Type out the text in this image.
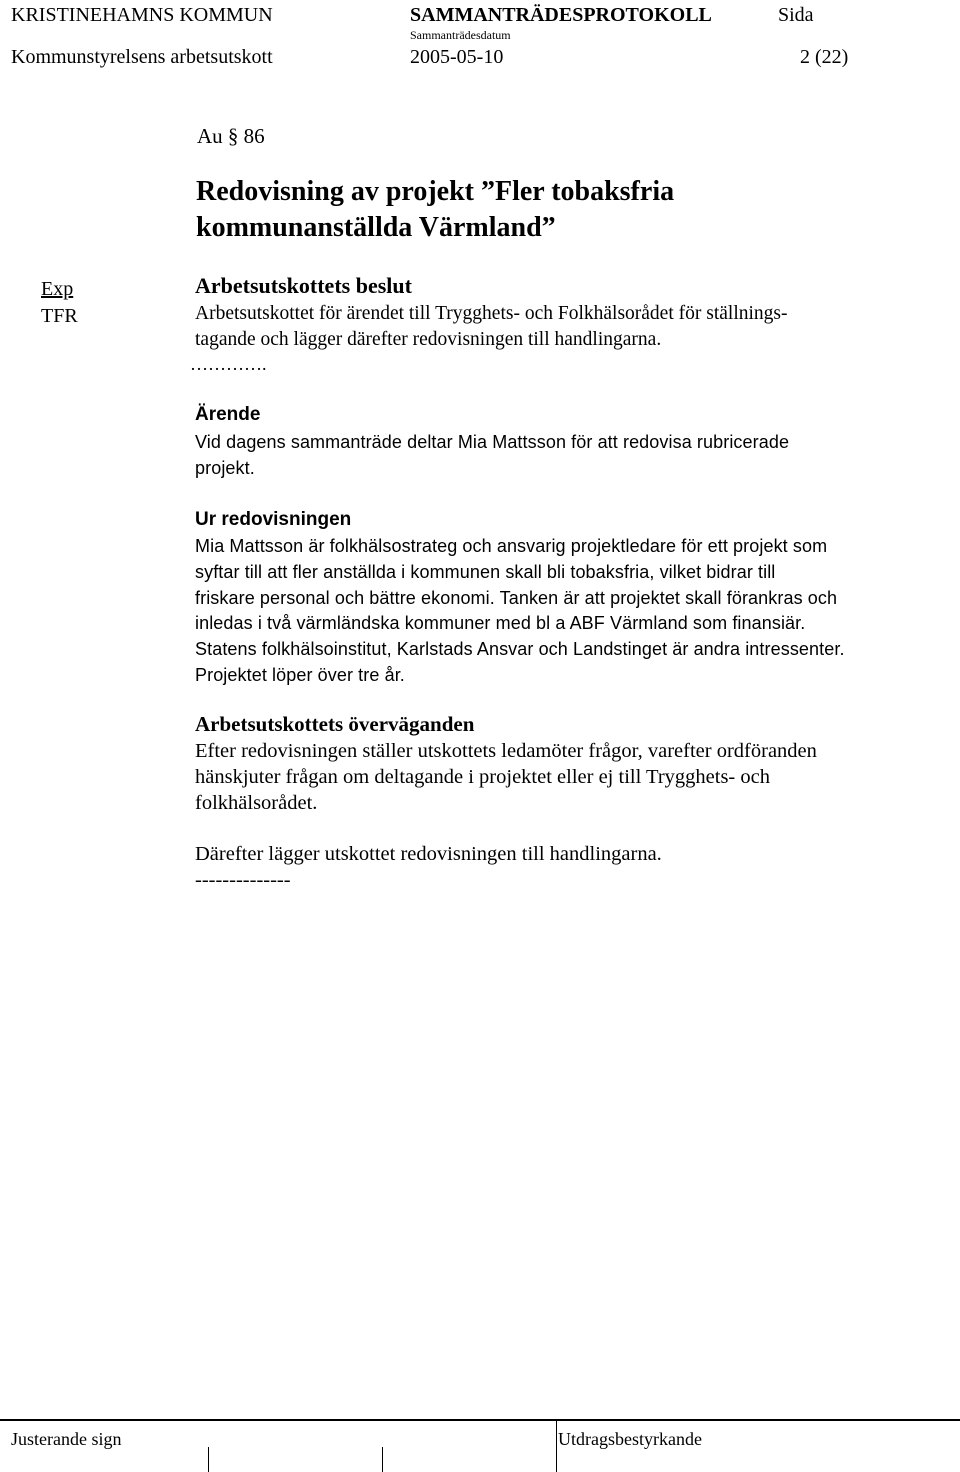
KRISTINEHAMNS KOMMUN	SAMMANTRÄDESPROTOKOLL	Sida
Sammanträdesdatum
Kommunstyrelsens arbetsutskott	2005-05-10	2 (22)
Au § 86
Redovisning av projekt ”Fler tobaksfria
kommunanställda Värmland”
Exp
TFR
Arbetsutskottets beslut
Arbetsutskottet för ärendet till Trygghets- och Folkhälsorådet för ställnings-
tagande och lägger därefter redovisningen till handlingarna.
………….
Ärende
Vid dagens sammanträde deltar Mia Mattsson för att redovisa rubricerade
projekt.
Ur redovisningen
Mia Mattsson är folkhälsostrateg och ansvarig projektledare för ett projekt som
syftar till att fler anställda i kommunen skall bli tobaksfria, vilket bidrar till
friskare personal och bättre ekonomi. Tanken är att projektet skall förankras och
inledas i två värmländska kommuner med bl a ABF Värmland som finansiär.
Statens folkhälsoinstitut, Karlstads Ansvar och Landstinget är andra intressenter.
Projektet löper över tre år.
Arbetsutskottets överväganden
Efter redovisningen ställer utskottets ledamöter frågor, varefter ordföranden
hänskjuter frågan om deltagande i projektet eller ej till Trygghets- och
folkhälsorådet.
Därefter lägger utskottet redovisningen till handlingarna.
--------------
Justerande sign	Utdragsbestyrkande
